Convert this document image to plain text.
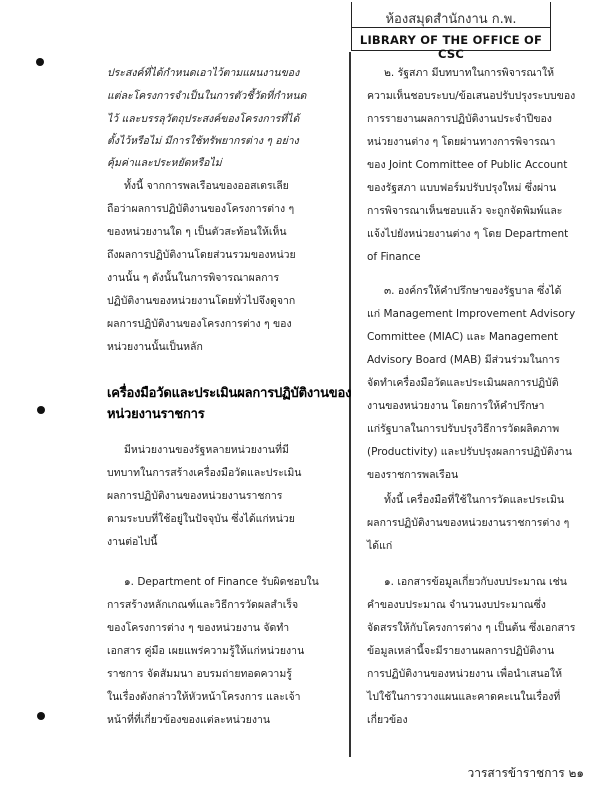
ห้องสมุดสำนักงาน ก.พ.
LIBRARY OF THE OFFICE OF CSC
ประสงค์ที่ได้กำหนดเอาไว้ตามแผนงานของ
แต่ละโครงการจำเป็นในการตัวชี้วัดที่กำหนด
ไว้ และบรรลุวัตถุประสงค์ของโครงการที่ได้
ตั้งไว้หรือไม่ มีการใช้ทรัพยากรต่าง ๆ อย่าง
คุ้มค่าและประหยัดหรือไม่
ทั้งนี้ จากการพลเรือนของออสเตรเลีย
ถือว่าผลการปฏิบัติงานของโครงการต่าง ๆ
ของหน่วยงานใด ๆ เป็นตัวสะท้อนให้เห็น
ถึงผลการปฏิบัติงานโดยส่วนรวมของหน่วย
งานนั้น ๆ ดังนั้นในการพิจารณาผลการ
ปฏิบัติงานของหน่วยงานโดยทั่วไปจึงดูจาก
ผลการปฏิบัติงานของโครงการต่าง ๆ ของ
หน่วยงานนั้นเป็นหลัก
เครื่องมือวัดและประเมินผลการปฏิบัติงานของ
หน่วยงานราชการ
มีหน่วยงานของรัฐหลายหน่วยงานที่มี
บทบาทในการสร้างเครื่องมือวัดและประเมิน
ผลการปฏิบัติงานของหน่วยงานราชการ
ตามระบบที่ใช้อยู่ในปัจจุบัน ซึ่งได้แก่หน่วย
งานต่อไปนี้
๑. Department of Finance รับผิดชอบใน
การสร้างหลักเกณฑ์และวิธีการวัดผลสำเร็จ
ของโครงการต่าง ๆ ของหน่วยงาน จัดทำ
เอกสาร คู่มือ เผยแพร่ความรู้ให้แก่หน่วยงาน
ราชการ จัดสัมมนา อบรมถ่ายทอดความรู้
ในเรื่องดังกล่าวให้หัวหน้าโครงการ และเจ้า
หน้าที่ที่เกี่ยวข้องของแต่ละหน่วยงาน
๒. รัฐสภา มีบทบาทในการพิจารณาให้
ความเห็นชอบระบบ/ข้อเสนอปรับปรุงระบบของ
การรายงานผลการปฏิบัติงานประจำปีของ
หน่วยงานต่าง ๆ โดยผ่านทางการพิจารณา
ของ Joint Committee of Public Account
ของรัฐสภา แบบฟอร์มปรับปรุงใหม่ ซึ่งผ่าน
การพิจารณาเห็นชอบแล้ว จะถูกจัดพิมพ์และ
แจ้งไปยังหน่วยงานต่าง ๆ โดย Department
of Finance
๓. องค์กรให้คำปรึกษาของรัฐบาล ซึ่งได้
แก่ Management Improvement Advisory
Committee (MIAC) และ Management
Advisory Board (MAB) มีส่วนร่วมในการ
จัดทำเครื่องมือวัดและประเมินผลการปฏิบัติ
งานของหน่วยงาน โดยการให้คำปรึกษา
แก่รัฐบาลในการปรับปรุงวิธีการวัดผลิตภาพ
(Productivity) และปรับปรุงผลการปฏิบัติงาน
ของราชการพลเรือน
ทั้งนี้ เครื่องมือที่ใช้ในการวัดและประเมิน
ผลการปฏิบัติงานของหน่วยงานราชการต่าง ๆ
ได้แก่
๑. เอกสารข้อมูลเกี่ยวกับงบประมาณ เช่น
คำของบประมาณ จำนวนงบประมาณซึ่ง
จัดสรรให้กับโครงการต่าง ๆ เป็นต้น ซึ่งเอกสาร
ข้อมูลเหล่านี้จะมีรายงานผลการปฏิบัติงาน
การปฏิบัติงานของหน่วยงาน เพื่อนำเสนอให้
ไปใช้ในการวางแผนและคาดคะเนในเรื่องที่
เกี่ยวข้อง
วารสารข้าราชการ ๒๑
